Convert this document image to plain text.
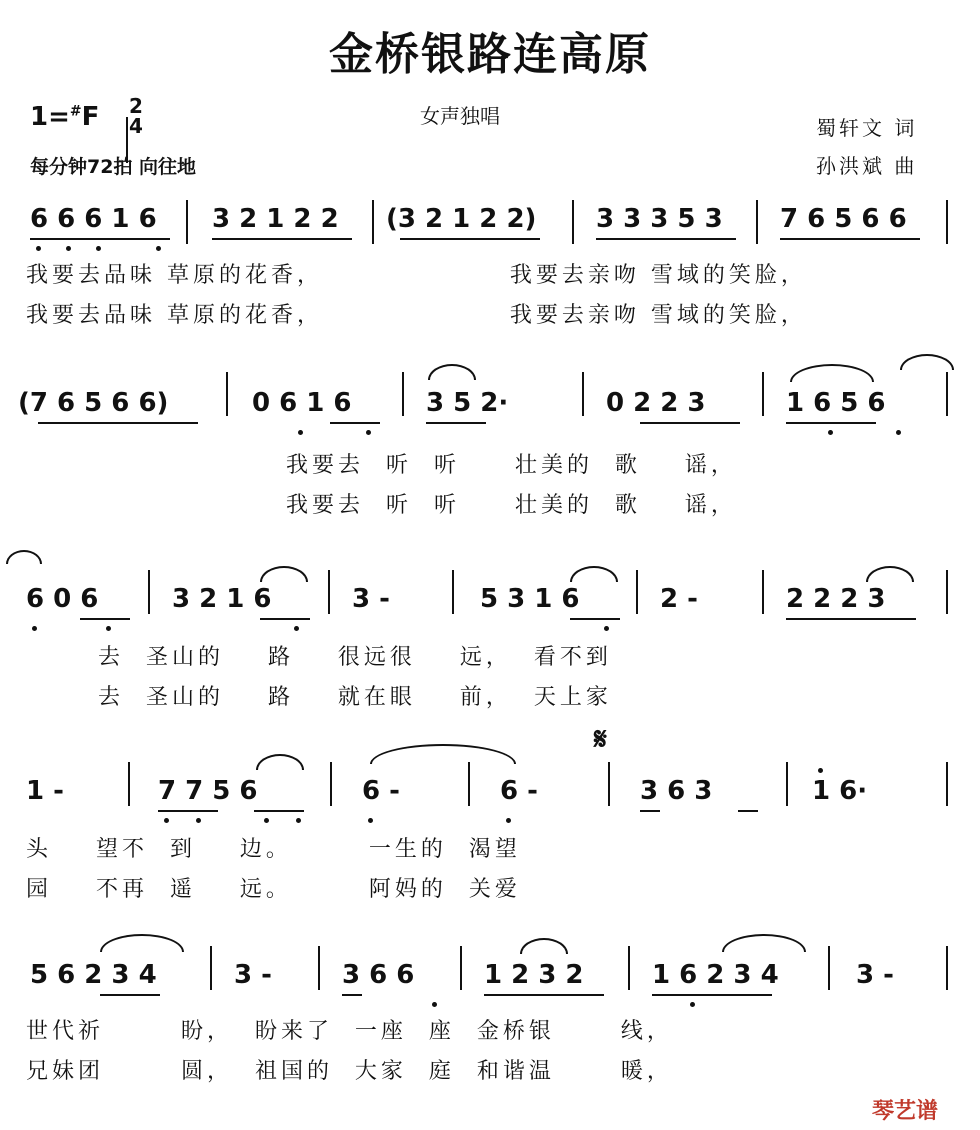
金桥银路连高原
1=#F 2
4	女声独唱	蜀轩文 词
孙洪斌 曲
每分钟72拍 向往地
6 6 6 1 6 3 2 1 2 2 (3 2 1 2 2) 3 3 3 5 3 7 6 5 6 6
我要去品味 草原的花香，                 我要去亲吻 雪域的笑脸，
我要去品味 草原的花香，                 我要去亲吻 雪域的笑脸，
(7 6 5 6 6)	0 6 1 6	3 5 2·	0 2 2 3	1 6 5 6
我要去  听  听     壮美的  歌    谣，
我要去  听  听     壮美的  歌    谣，
6 0 6	3 2 1 6	3 -	5 3 1 6	2 -	2 2 2 3
去  圣山的    路    很远很    远，  看不到
去  圣山的    路    就在眼    前，  天上家
𝄋
1 -	7 7 5 6	6 -	6 -	3 6 3	1 6·
头    望不  到    边。       一生的  渴望
园    不再  遥    远。       阿妈的  关爱
5 6 2 3 4	3 -	3 6 6	1 2 3 2	1 6 2 3 4	3 -
世代祈       盼，  盼来了  一座  座  金桥银      线，
兄妹团       圆，  祖国的  大家  庭  和谐温      暖，
琴艺谱
